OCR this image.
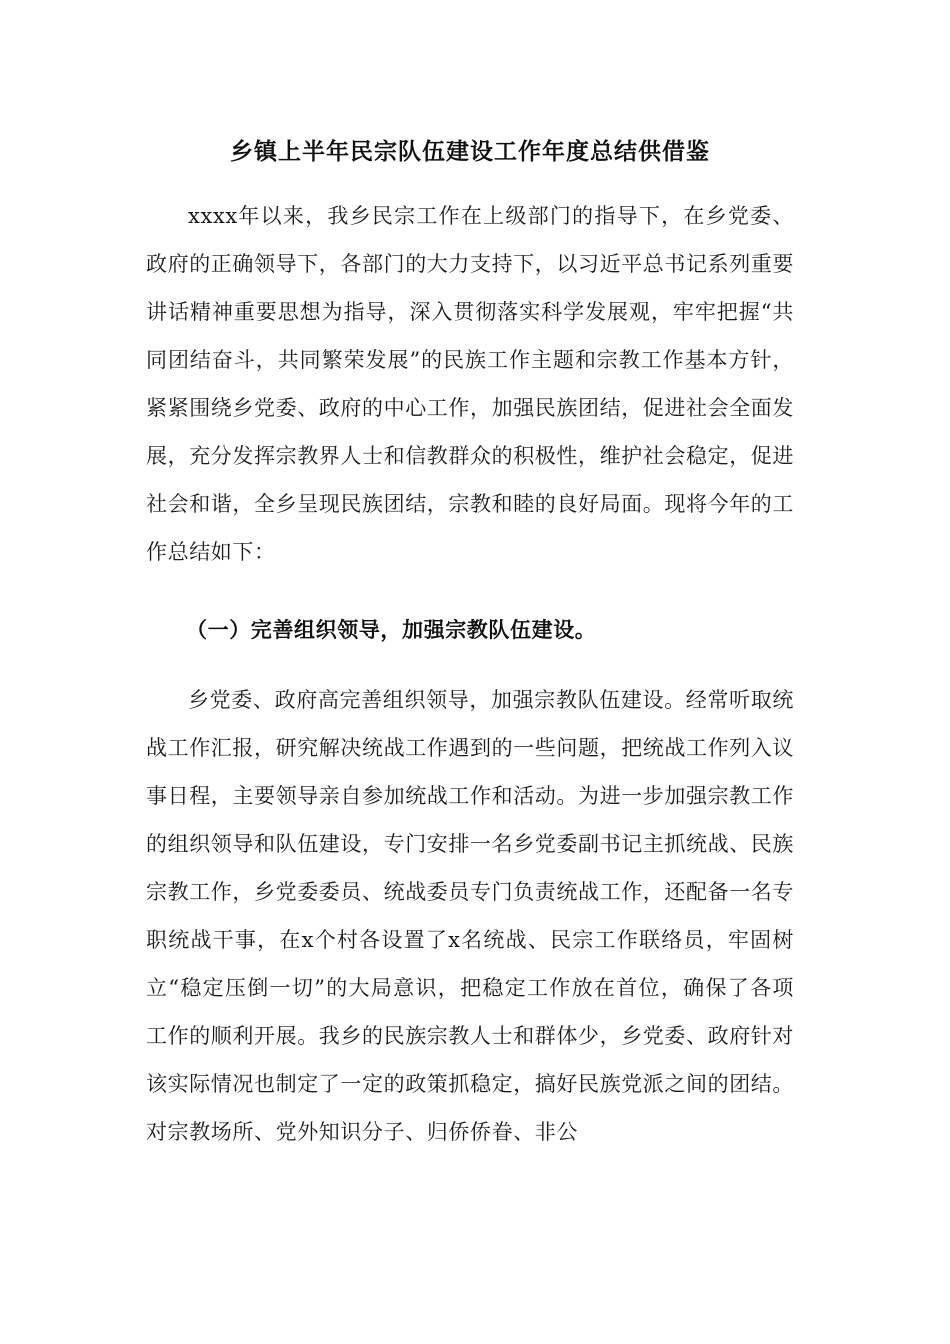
乡镇上半年民宗队伍建设工作年度总结供借鉴

xxxx年以来，我乡民宗工作在上级部门的指导下，在乡党委、政府的正确领导下，各部门的大力支持下，以习近平总书记系列重要讲话精神重要思想为指导，深入贯彻落实科学发展观，牢牢把握“共同团结奋斗，共同繁荣发展”的民族工作主题和宗教工作基本方针，紧紧围绕乡党委、政府的中心工作，加强民族团结，促进社会全面发展，充分发挥宗教界人士和信教群众的积极性，维护社会稳定，促进社会和谐，全乡呈现民族团结，宗教和睦的良好局面。现将今年的工作总结如下：

（一）完善组织领导，加强宗教队伍建设。

乡党委、政府高完善组织领导，加强宗教队伍建设。经常听取统战工作汇报，研究解决统战工作遇到的一些问题，把统战工作列入议事日程，主要领导亲自参加统战工作和活动。为进一步加强宗教工作的组织领导和队伍建设，专门安排一名乡党委副书记主抓统战、民族宗教工作，乡党委委员、统战委员专门负责统战工作，还配备一名专职统战干事，在x个村各设置了x名统战、民宗工作联络员，牢固树立“稳定压倒一切”的大局意识，把稳定工作放在首位，确保了各项工作的顺利开展。我乡的民族宗教人士和群体少，乡党委、政府针对该实际情况也制定了一定的政策抓稳定，搞好民族党派之间的团结。对宗教场所、党外知识分子、归侨侨眷、非公
